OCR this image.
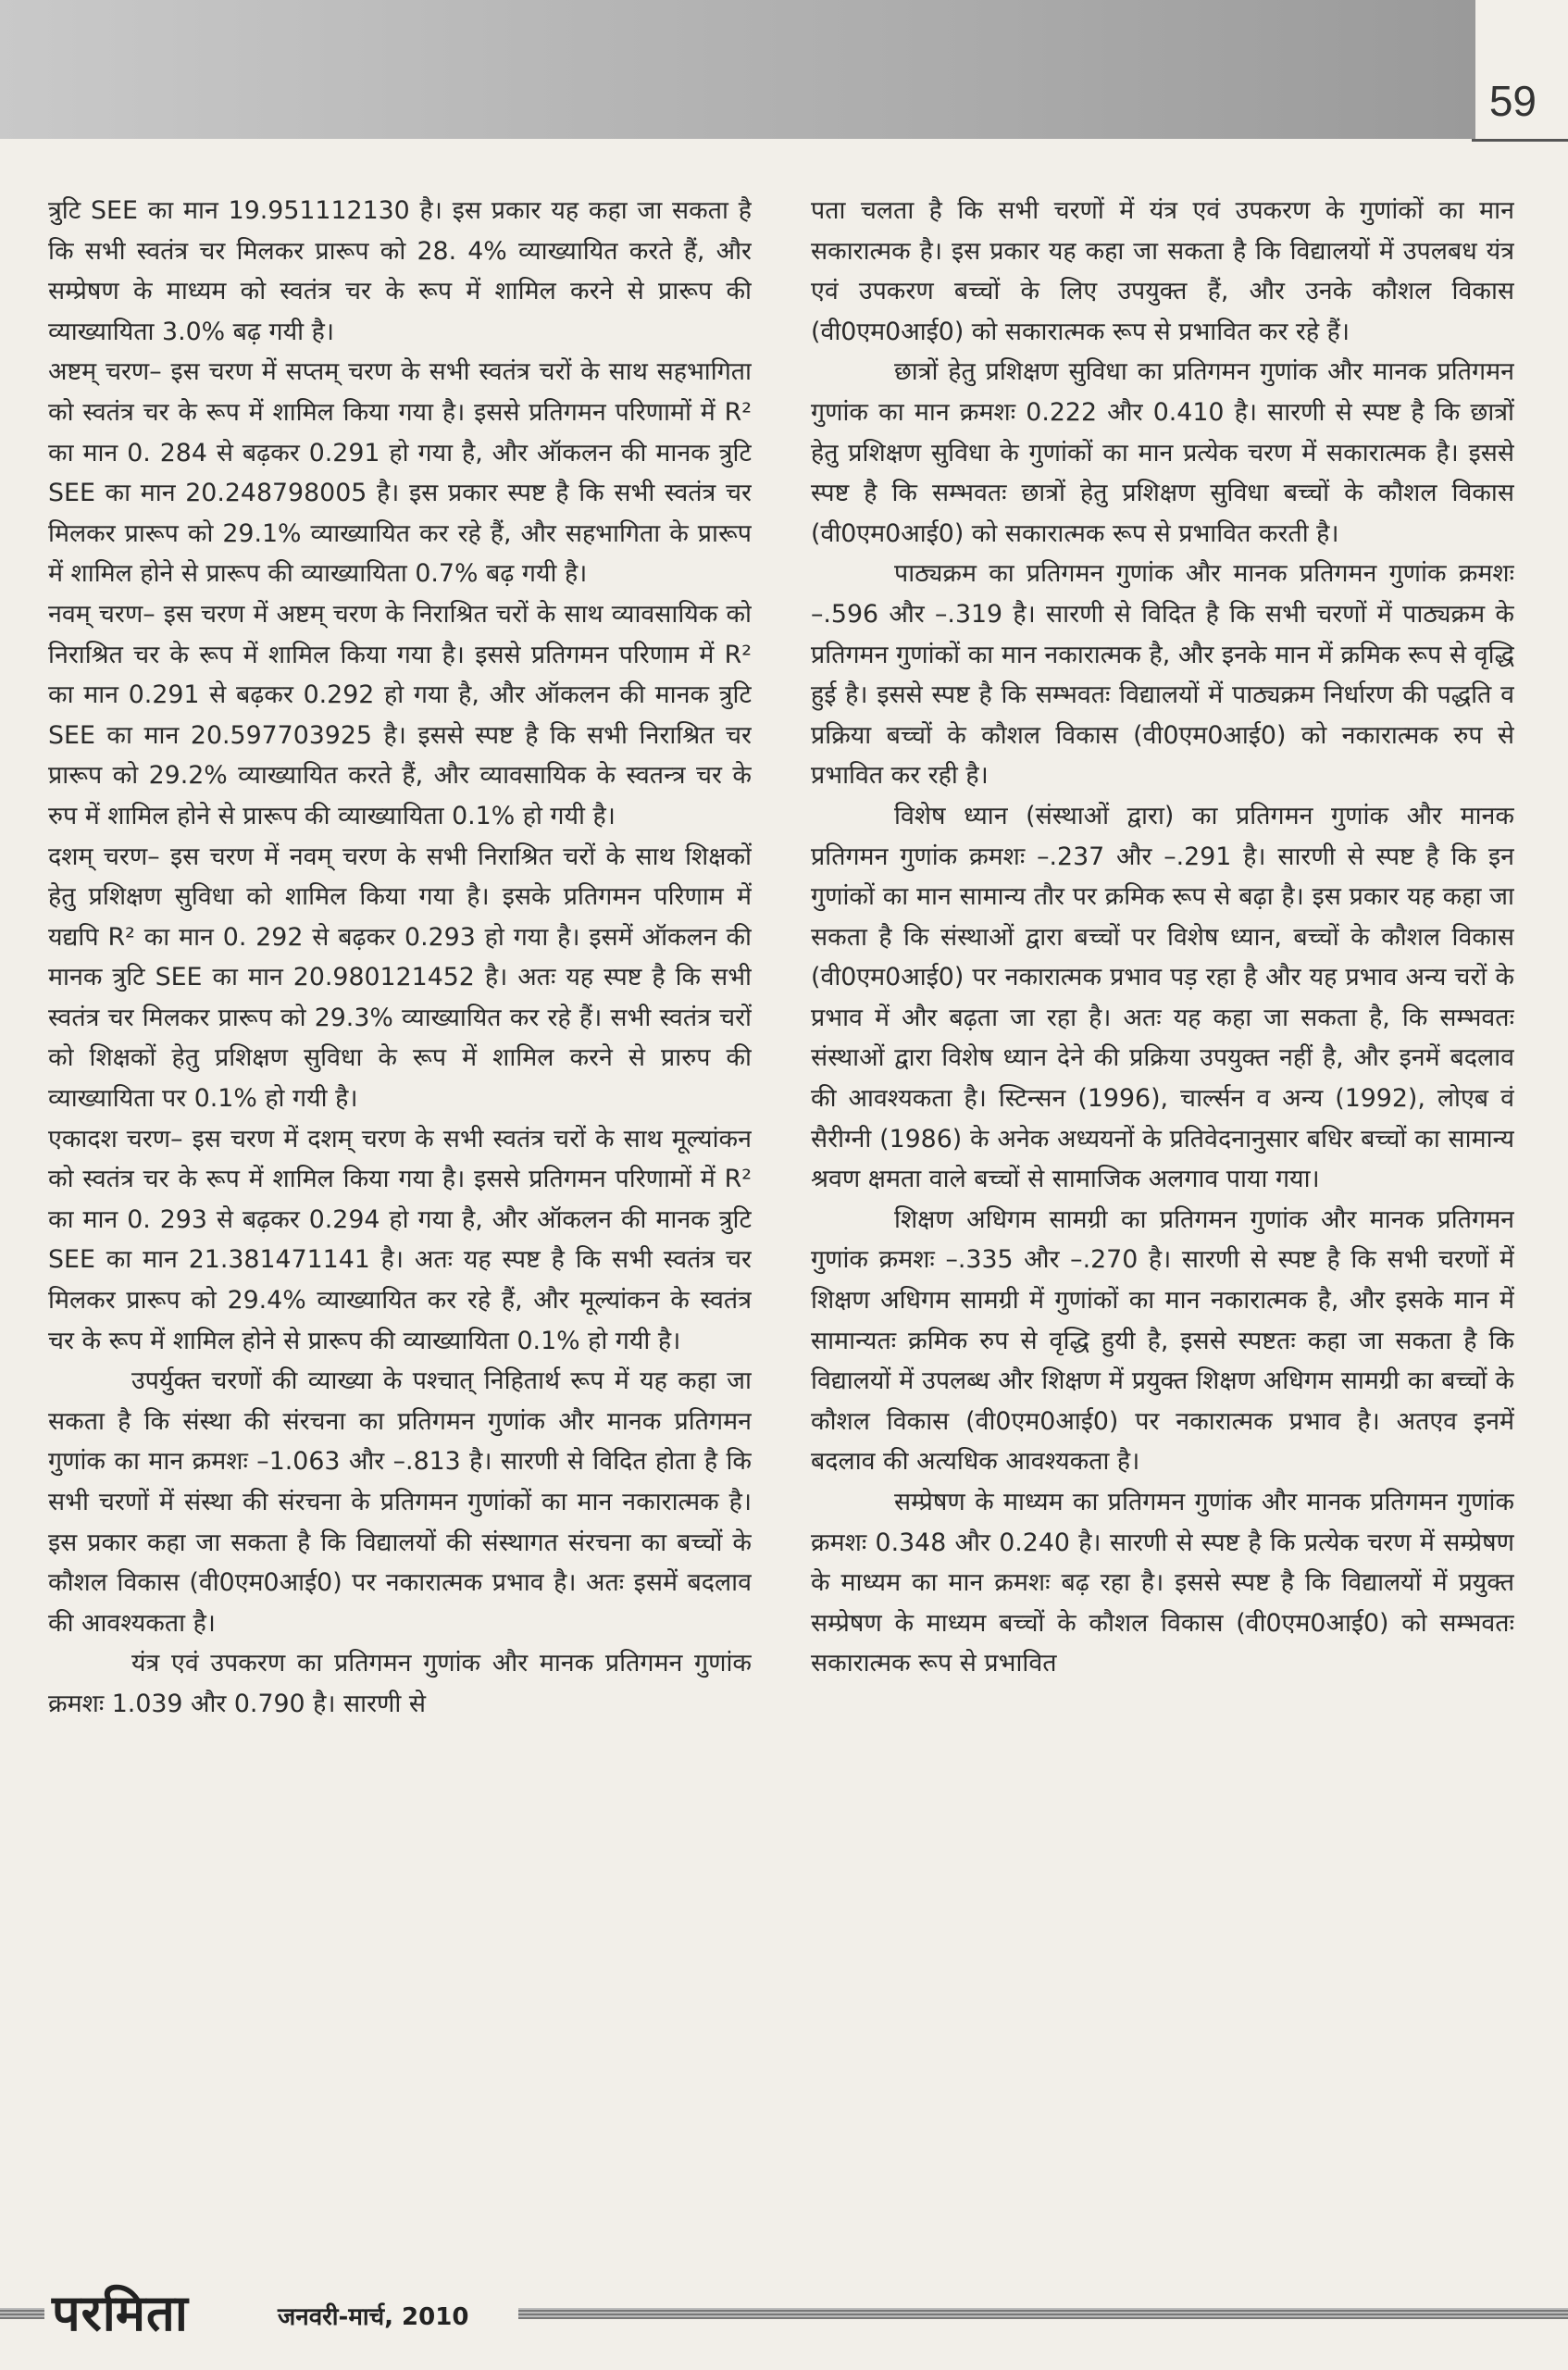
59

त्रुटि SEE का मान 19.951112130 है। इस प्रकार यह कहा जा सकता है कि सभी स्वतंत्र चर मिलकर प्रारूप को 28. 4% व्याख्यायित करते हैं, और सम्प्रेषण के माध्यम को स्वतंत्र चर के रूप में शामिल करने से प्रारूप की व्याख्यायिता 3.0% बढ़ गयी है।

अष्टम् चरण– इस चरण में सप्तम् चरण के सभी स्वतंत्र चरों के साथ सहभागिता को स्वतंत्र चर के रूप में शामिल किया गया है। इससे प्रतिगमन परिणामों में R² का मान 0. 284 से बढ़कर 0.291 हो गया है, और ऑकलन की मानक त्रुटि SEE का मान 20.248798005 है। इस प्रकार स्पष्ट है कि सभी स्वतंत्र चर मिलकर प्रारूप को 29.1% व्याख्यायित कर रहे हैं, और सहभागिता के प्रारूप में शामिल होने से प्रारूप की व्याख्यायिता 0.7% बढ़ गयी है।

नवम् चरण– इस चरण में अष्टम् चरण के निराश्रित चरों के साथ व्यावसायिक को निराश्रित चर के रूप में शामिल किया गया है। इससे प्रतिगमन परिणाम में R² का मान 0.291 से बढ़कर 0.292 हो गया है, और ऑकलन की मानक त्रुटि SEE का मान 20.597703925 है। इससे स्पष्ट है कि सभी निराश्रित चर प्रारूप को 29.2% व्याख्यायित करते हैं, और व्यावसायिक के स्वतन्त्र चर के रुप में शामिल होने से प्रारूप की व्याख्यायिता 0.1% हो गयी है।

दशम् चरण– इस चरण में नवम् चरण के सभी निराश्रित चरों के साथ शिक्षकों हेतु प्रशिक्षण सुविधा को शामिल किया गया है। इसके प्रतिगमन परिणाम में यद्यपि R² का मान 0. 292 से बढ़कर 0.293 हो गया है। इसमें ऑकलन की मानक त्रुटि SEE का मान 20.980121452 है। अतः यह स्पष्ट है कि सभी स्वतंत्र चर मिलकर प्रारूप को 29.3% व्याख्यायित कर रहे हैं। सभी स्वतंत्र चरों को शिक्षकों हेतु प्रशिक्षण सुविधा के रूप में शामिल करने से प्रारुप की व्याख्यायिता पर 0.1% हो गयी है।

एकादश चरण– इस चरण में दशम् चरण के सभी स्वतंत्र चरों के साथ मूल्यांकन को स्वतंत्र चर के रूप में शामिल किया गया है। इससे प्रतिगमन परिणामों में R² का मान 0. 293 से बढ़कर 0.294 हो गया है, और ऑकलन की मानक त्रुटि SEE का मान 21.381471141 है। अतः यह स्पष्ट है कि सभी स्वतंत्र चर मिलकर प्रारूप को 29.4% व्याख्यायित कर रहे हैं, और मूल्यांकन के स्वतंत्र चर के रूप में शामिल होने से प्रारूप की व्याख्यायिता 0.1% हो गयी है।

उपर्युक्त चरणों की व्याख्या के पश्चात् निहितार्थ रूप में यह कहा जा सकता है कि संस्था की संरचना का प्रतिगमन गुणांक और मानक प्रतिगमन गुणांक का मान क्रमशः –1.063 और –.813 है। सारणी से विदित होता है कि सभी चरणों में संस्था की संरचना के प्रतिगमन गुणांकों का मान नकारात्मक है। इस प्रकार कहा जा सकता है कि विद्यालयों की संस्थागत संरचना का बच्चों के कौशल विकास (वी0एम0आई0) पर नकारात्मक प्रभाव है। अतः इसमें बदलाव की आवश्यकता है।

यंत्र एवं उपकरण का प्रतिगमन गुणांक और मानक प्रतिगमन गुणांक क्रमशः 1.039 और 0.790 है। सारणी से

पता चलता है कि सभी चरणों में यंत्र एवं उपकरण के गुणांकों का मान सकारात्मक है। इस प्रकार यह कहा जा सकता है कि विद्यालयों में उपलबध यंत्र एवं उपकरण बच्चों के लिए उपयुक्त हैं, और उनके कौशल विकास (वी0एम0आई0) को सकारात्मक रूप से प्रभावित कर रहे हैं।

छात्रों हेतु प्रशिक्षण सुविधा का प्रतिगमन गुणांक और मानक प्रतिगमन गुणांक का मान क्रमशः 0.222 और 0.410 है। सारणी से स्पष्ट है कि छात्रों हेतु प्रशिक्षण सुविधा के गुणांकों का मान प्रत्येक चरण में सकारात्मक है। इससे स्पष्ट है कि सम्भवतः छात्रों हेतु प्रशिक्षण सुविधा बच्चों के कौशल विकास (वी0एम0आई0) को सकारात्मक रूप से प्रभावित करती है।

पाठ्यक्रम का प्रतिगमन गुणांक और मानक प्रतिगमन गुणांक क्रमशः –.596 और –.319 है। सारणी से विदित है कि सभी चरणों में पाठ्यक्रम के प्रतिगमन गुणांकों का मान नकारात्मक है, और इनके मान में क्रमिक रूप से वृद्धि हुई है। इससे स्पष्ट है कि सम्भवतः विद्यालयों में पाठ्यक्रम निर्धारण की पद्धति व प्रक्रिया बच्चों के कौशल विकास (वी0एम0आई0) को नकारात्मक रुप से प्रभावित कर रही है।

विशेष ध्यान (संस्थाओं द्वारा) का प्रतिगमन गुणांक और मानक प्रतिगमन गुणांक क्रमशः –.237 और –.291 है। सारणी से स्पष्ट है कि इन गुणांकों का मान सामान्य तौर पर क्रमिक रूप से बढ़ा है। इस प्रकार यह कहा जा सकता है कि संस्थाओं द्वारा बच्चों पर विशेष ध्यान, बच्चों के कौशल विकास (वी0एम0आई0) पर नकारात्मक प्रभाव पड़ रहा है और यह प्रभाव अन्य चरों के प्रभाव में और बढ़ता जा रहा है। अतः यह कहा जा सकता है, कि सम्भवतः संस्थाओं द्वारा विशेष ध्यान देने की प्रक्रिया उपयुक्त नहीं है, और इनमें बदलाव की आवश्यकता है। स्टिन्सन (1996), चार्ल्सन व अन्य (1992), लोएब वं सैरीग्नी (1986) के अनेक अध्ययनों के प्रतिवेदनानुसार बधिर बच्चों का सामान्य श्रवण क्षमता वाले बच्चों से सामाजिक अलगाव पाया गया।

शिक्षण अधिगम सामग्री का प्रतिगमन गुणांक और मानक प्रतिगमन गुणांक क्रमशः –.335 और –.270 है। सारणी से स्पष्ट है कि सभी चरणों में शिक्षण अधिगम सामग्री में गुणांकों का मान नकारात्मक है, और इसके मान में सामान्यतः क्रमिक रुप से वृद्धि हुयी है, इससे स्पष्टतः कहा जा सकता है कि विद्यालयों में उपलब्ध और शिक्षण में प्रयुक्त शिक्षण अधिगम सामग्री का बच्चों के कौशल विकास (वी0एम0आई0) पर नकारात्मक प्रभाव है। अतएव इनमें बदलाव की अत्यधिक आवश्यकता है।

सम्प्रेषण के माध्यम का प्रतिगमन गुणांक और मानक प्रतिगमन गुणांक क्रमशः 0.348 और 0.240 है। सारणी से स्पष्ट है कि प्रत्येक चरण में सम्प्रेषण के माध्यम का मान क्रमशः बढ़ रहा है। इससे स्पष्ट है कि विद्यालयों में प्रयुक्त सम्प्रेषण के माध्यम बच्चों के कौशल विकास (वी0एम0आई0) को सम्भवतः सकारात्मक रूप से प्रभावित

परमिता	जनवरी-मार्च, 2010
